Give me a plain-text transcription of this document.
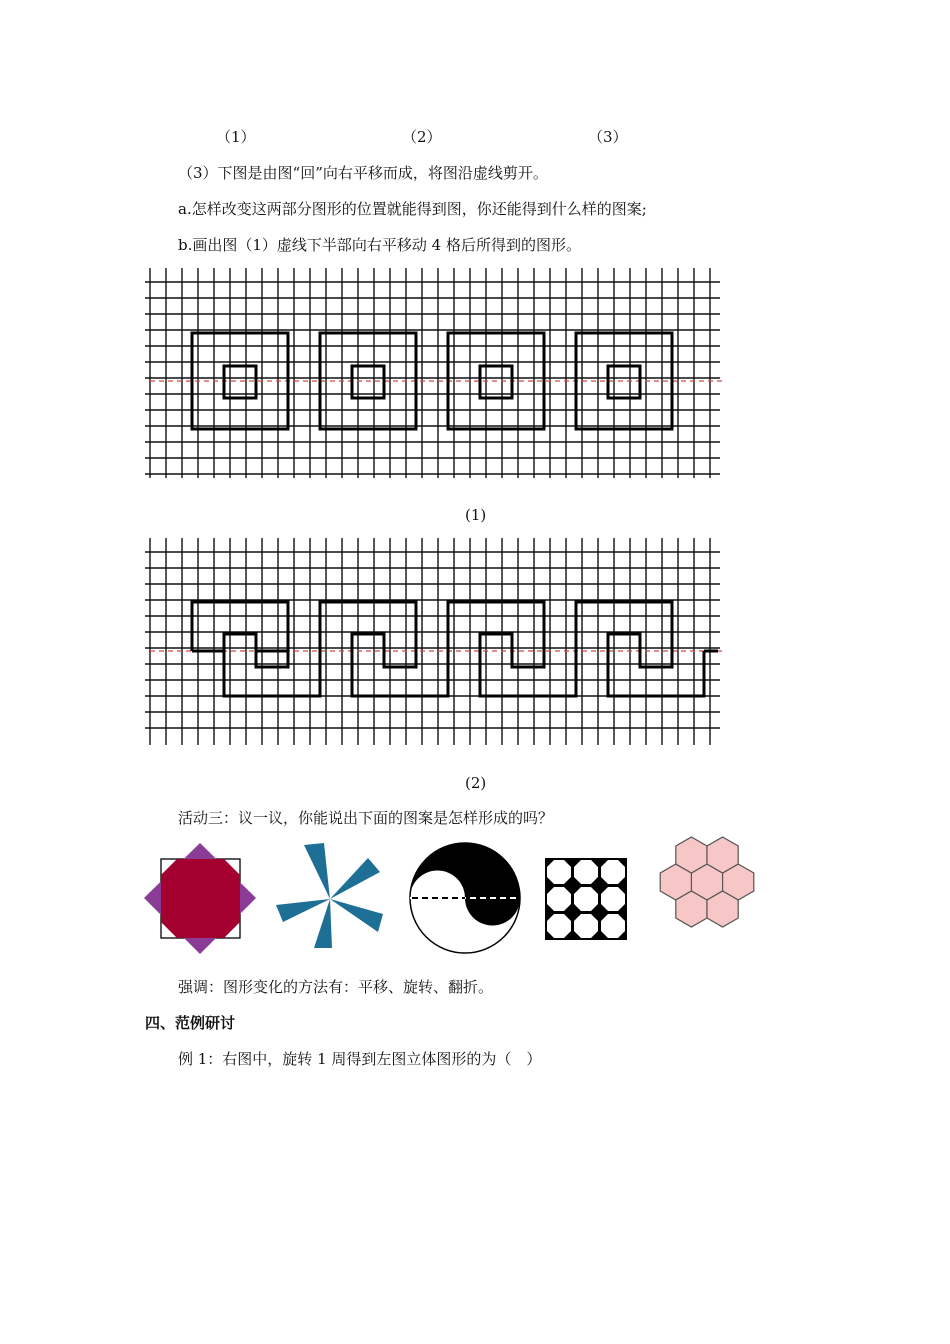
（1）	（2）	（3）
（3）下图是由图“回”向右平移而成，将图沿虚线剪开。
a.怎样改变这两部分图形的位置就能得到图，你还能得到什么样的图案;
b.画出图（1）虚线下半部向右平移动 4 格后所得到的图形。
(1)
(2)
活动三：议一议，你能说出下面的图案是怎样形成的吗？
强调：图形变化的方法有：平移、旋转、翻折。
四、范例研讨
例 1：右图中，旋转 1 周得到左图立体图形的为（　）
